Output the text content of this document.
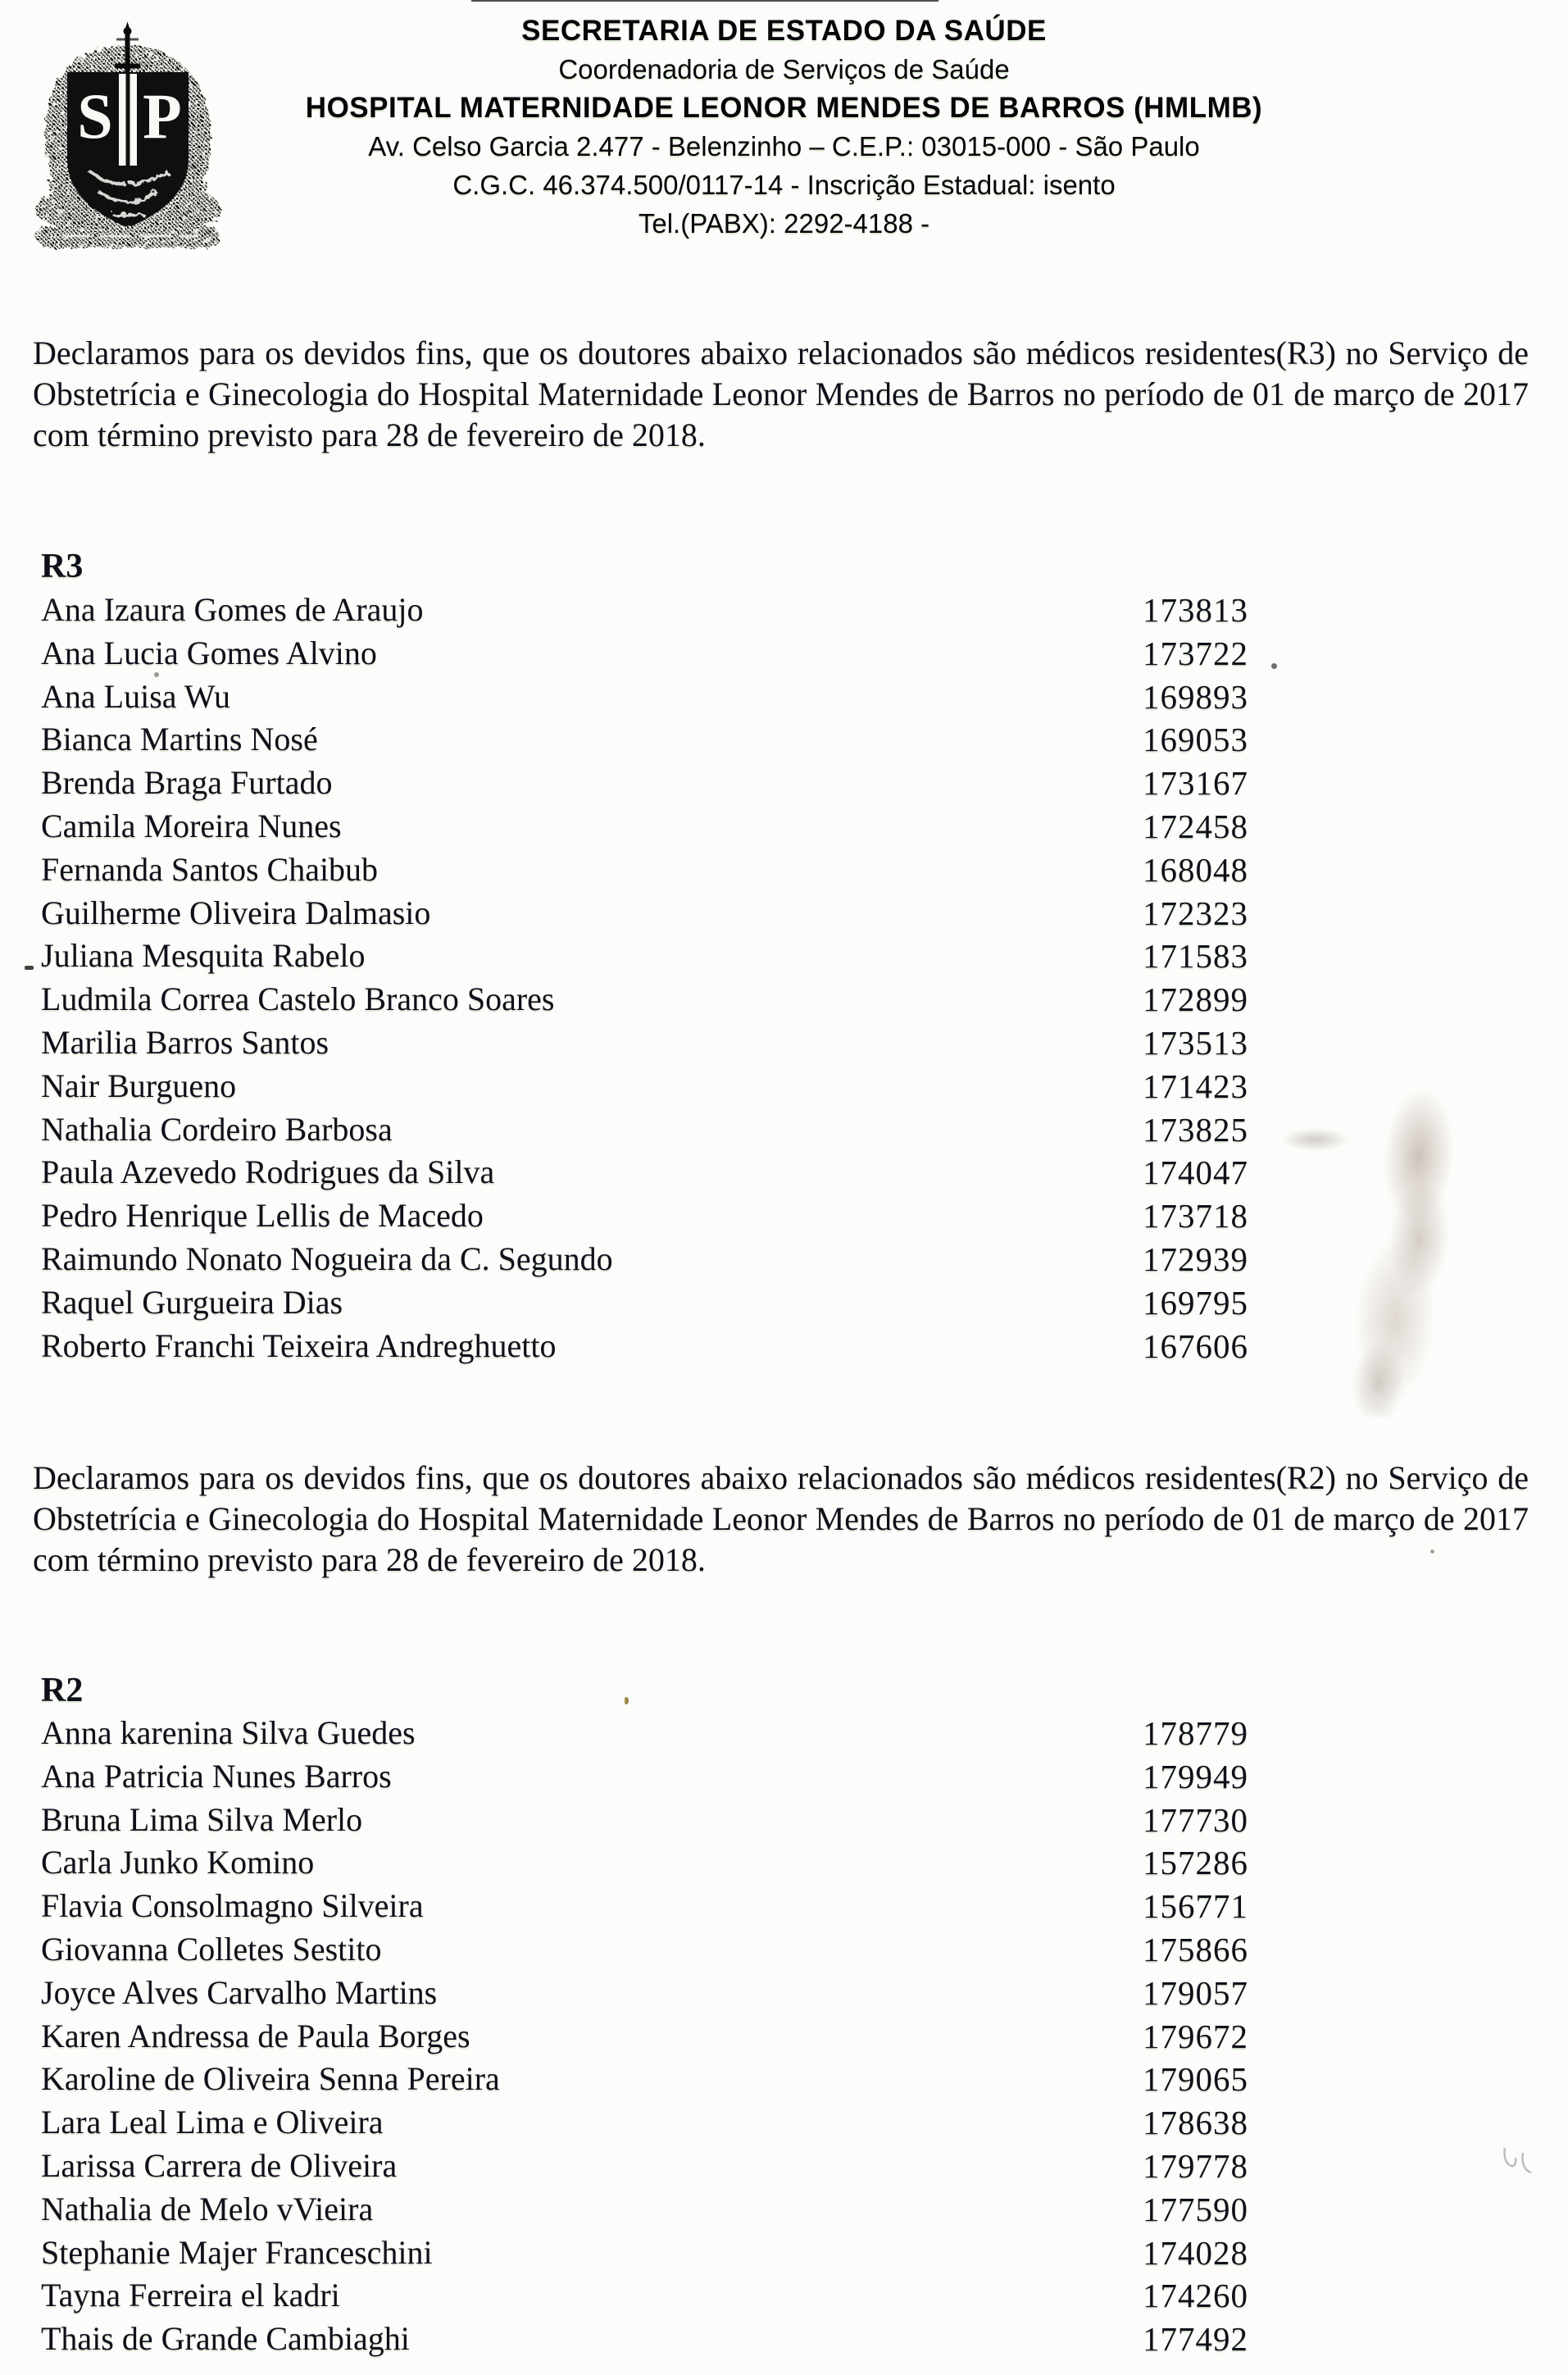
S P
SECRETARIA DE ESTADO DA SAÚDE
Coordenadoria de Serviços de Saúde
HOSPITAL MATERNIDADE LEONOR MENDES DE BARROS (HMLMB)
Av. Celso Garcia 2.477 - Belenzinho – C.E.P.: 03015-000 - São Paulo
C.G.C. 46.374.500/0117-14 - Inscrição Estadual: isento
Tel.(PABX): 2292-4188 -
Declaramos para os devidos fins, que os doutores abaixo relacionados são médicos residentes(R3) no Serviço de Obstetrícia e Ginecologia do Hospital Maternidade Leonor Mendes de Barros no período de 01 de março de 2017 com término previsto para 28 de fevereiro de 2018.
R3
Ana Izaura Gomes de Araujo	173813
Ana Lucia Gomes Alvino	173722
Ana Luisa Wu	169893
Bianca Martins Nosé	169053
Brenda Braga Furtado	173167
Camila Moreira Nunes	172458
Fernanda Santos Chaibub	168048
Guilherme Oliveira Dalmasio	172323
Juliana Mesquita Rabelo	171583
Ludmila Correa Castelo Branco Soares	172899
Marilia Barros Santos	173513
Nair Burgueno	171423
Nathalia Cordeiro Barbosa	173825
Paula Azevedo Rodrigues da Silva	174047
Pedro Henrique Lellis de Macedo	173718
Raimundo Nonato Nogueira da C. Segundo	172939
Raquel Gurgueira Dias	169795
Roberto Franchi Teixeira Andreghuetto	167606
Declaramos para os devidos fins, que os doutores abaixo relacionados são médicos residentes(R2) no Serviço de Obstetrícia e Ginecologia do Hospital Maternidade Leonor Mendes de Barros no período de 01 de março de 2017 com término previsto para 28 de fevereiro de 2018.
R2
Anna karenina Silva Guedes	178779
Ana Patricia Nunes Barros	179949
Bruna Lima Silva Merlo	177730
Carla Junko Komino	157286
Flavia Consolmagno Silveira	156771
Giovanna Colletes Sestito	175866
Joyce Alves Carvalho Martins	179057
Karen Andressa de Paula Borges	179672
Karoline de Oliveira Senna Pereira	179065
Lara Leal Lima e Oliveira	178638
Larissa Carrera de Oliveira	179778
Nathalia de Melo vVieira	177590
Stephanie Majer Franceschini	174028
Tayna Ferreira el kadri	174260
Thais de Grande Cambiaghi	177492
